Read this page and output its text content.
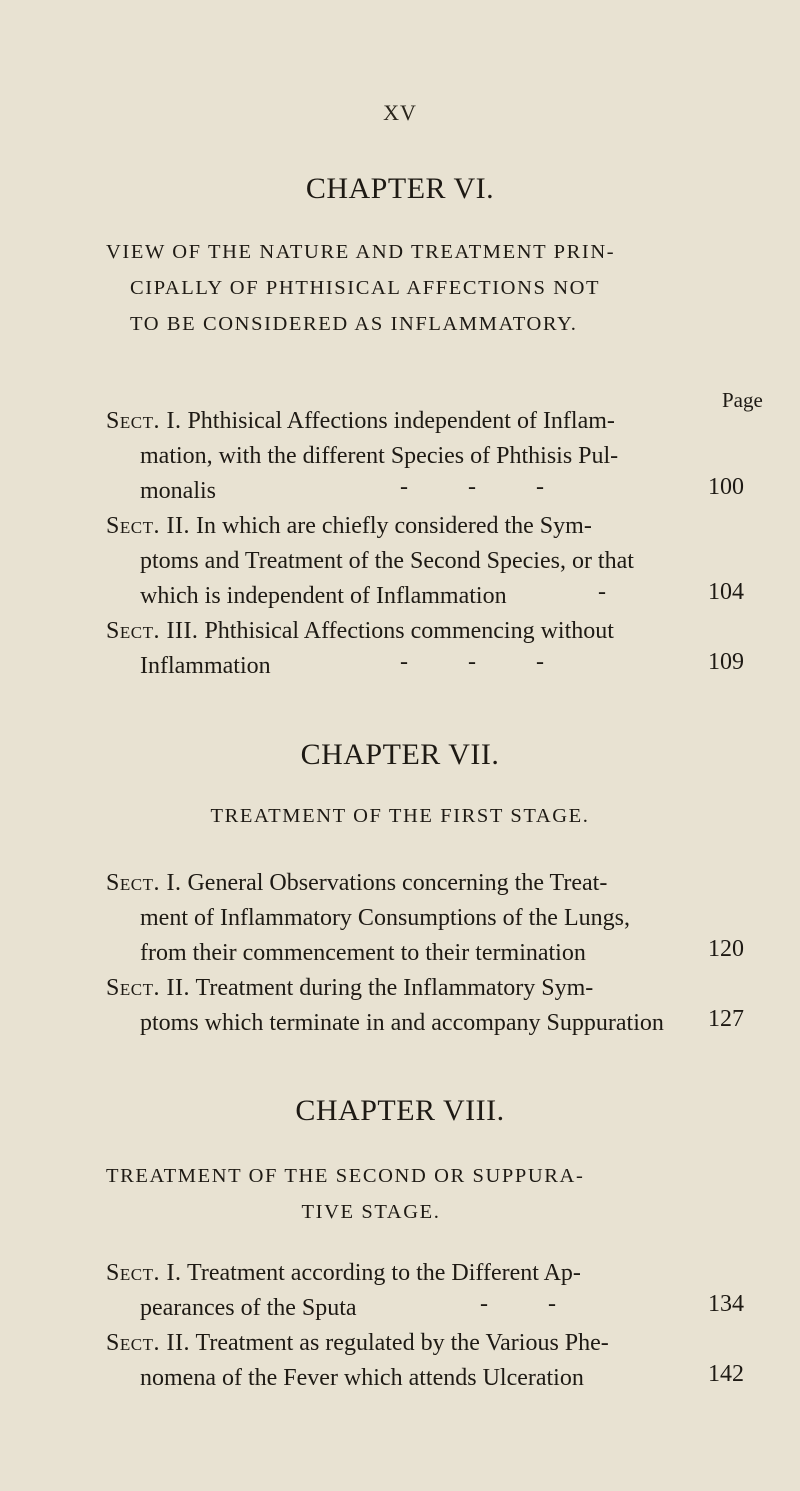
XV
CHAPTER VI.
VIEW OF THE NATURE AND TREATMENT PRIN-
CIPALLY OF PHTHISICAL AFFECTIONS NOT
TO BE CONSIDERED AS INFLAMMATORY.
Page
Sect. I. Phthisical Affections independent of Inflam-
mation, with the different Species of Phthisis Pul-
monalis	-          -          -	100
Sect. II. In which are chiefly considered the Sym-
ptoms and Treatment of the Second Species, or that
which is independent of Inflammation	-	104
Sect. III. Phthisical Affections commencing without
Inflammation	-          -          -	109
CHAPTER VII.
TREATMENT OF THE FIRST STAGE.
Sect. I. General Observations concerning the Treat-
ment of Inflammatory Consumptions of the Lungs,
from their commencement to their termination	120
Sect. II. Treatment during the Inflammatory Sym-
ptoms which terminate in and accompany Suppuration	127
CHAPTER VIII.
TREATMENT OF THE SECOND OR SUPPURA-
TIVE STAGE.
Sect. I. Treatment according to the Different Ap-
pearances of the Sputa	-          -	134
Sect. II. Treatment as regulated by the Various Phe-
nomena of the Fever which attends Ulceration	142
